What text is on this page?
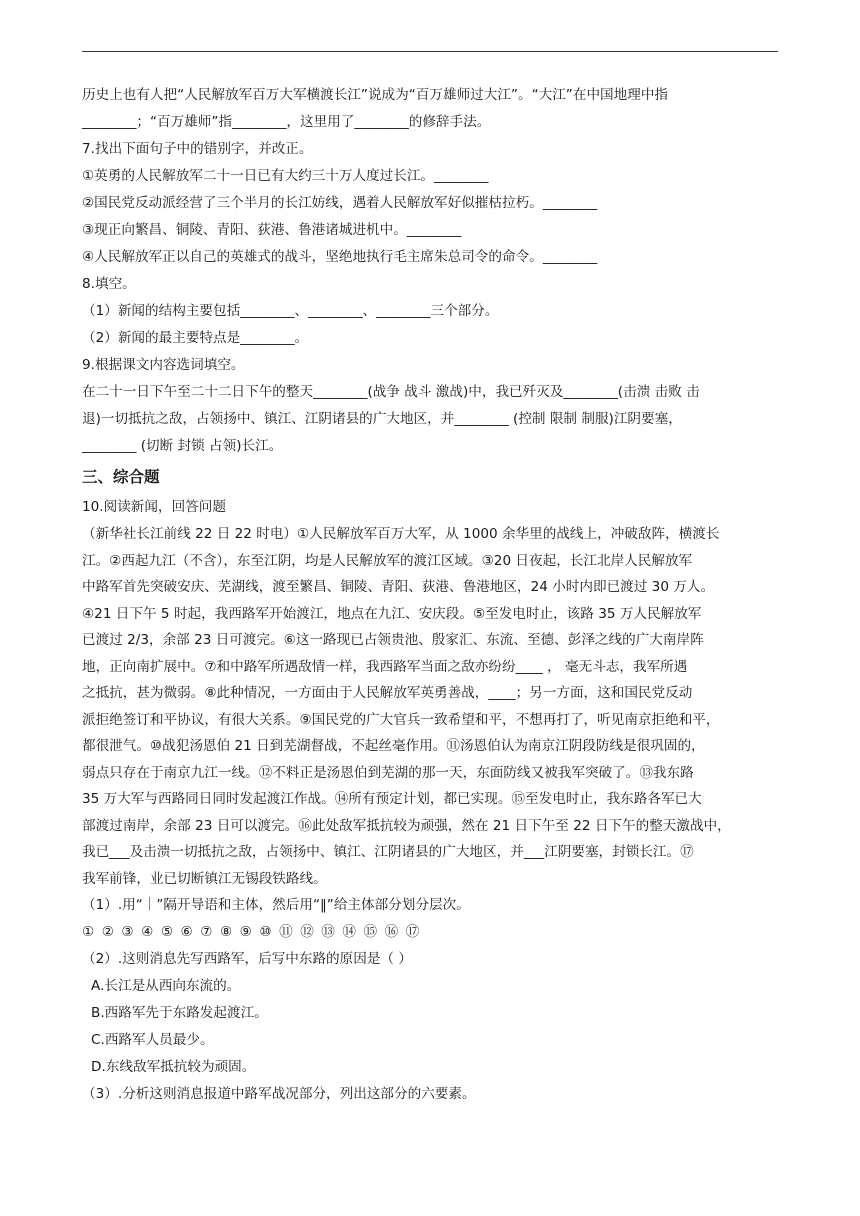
历史上也有人把“人民解放军百万大军横渡长江”说成为“百万雄师过大江”。“大江”在中国地理中指

________；“百万雄师”指________，这里用了________的修辞手法。

7.找出下面句子中的错别字，并改正。

①英勇的人民解放军二十一日已有大约三十万人度过长江。________

②国民党反动派经营了三个半月的长江妨线，遇着人民解放军好似摧枯拉朽。________

③现正向繁昌、铜陵、青阳、荻港、鲁港诸城进机中。________

④人民解放军正以自己的英雄式的战斗，坚绝地执行毛主席朱总司令的命令。________

8.填空。

（1）新闻的结构主要包括________、________、________三个部分。

（2）新闻的最主要特点是________。

9.根据课文内容选词填空。

在二十一日下午至二十二日下午的整天________(战争 战斗 激战)中，我已歼灭及________(击溃 击败 击

退)一切抵抗之敌，占领扬中、镇江、江阴诸县的广大地区，并________ (控制 限制 制服)江阴要塞，

________ (切断 封锁 占领)长江。

三、综合题

10.阅读新闻，回答问题

（新华社长江前线 22 日 22 时电）①人民解放军百万大军，从 1000 余华里的战线上，冲破敌阵，横渡长

江。②西起九江（不含），东至江阴，均是人民解放军的渡江区域。③20 日夜起，长江北岸人民解放军

中路军首先突破安庆、芜湖线，渡至繁昌、铜陵、青阳、荻港、鲁港地区，24 小时内即已渡过 30 万人。

④21 日下午 5 时起，我西路军开始渡江，地点在九江、安庆段。⑤至发电时止，该路 35 万人民解放军

已渡过 2/3，余部 23 日可渡完。⑥这一路现已占领贵池、殷家汇、东流、至德、彭泽之线的广大南岸阵

地，正向南扩展中。⑦和中路军所遇敌情一样，我西路军当面之敌亦纷纷____ ， 毫无斗志，我军所遇

之抵抗，甚为微弱。⑧此种情况，一方面由于人民解放军英勇善战，____；另一方面，这和国民党反动

派拒绝签订和平协议，有很大关系。⑨国民党的广大官兵一致希望和平，不想再打了，听见南京拒绝和平，

都很泄气。⑩战犯汤恩伯 21 日到芜湖督战，不起丝毫作用。⑪汤恩伯认为南京江阴段防线是很巩固的，

弱点只存在于南京九江一线。⑫不料正是汤恩伯到芜湖的那一天，东面防线又被我军突破了。⑬我东路

35 万大军与西路同日同时发起渡江作战。⑭所有预定计划，都已实现。⑮至发电时止，我东路各军已大

部渡过南岸，余部 23 日可以渡完。⑯此处敌军抵抗较为顽强，然在 21 日下午至 22 日下午的整天激战中，

我已___及击溃一切抵抗之敌，占领扬中、镇江、江阴诸县的广大地区，并___江阴要塞，封锁长江。⑰

我军前锋，业已切断镇江无锡段铁路线。

（1）.用“｜”隔开导语和主体，然后用“‖”给主体部分划分层次。

① ② ③ ④ ⑤ ⑥ ⑦ ⑧ ⑨ ⑩ ⑪ ⑫ ⑬ ⑭ ⑮ ⑯ ⑰

（2）.这则消息先写西路军，后写中东路的原因是（ ）

A.长江是从西向东流的。

B.西路军先于东路发起渡江。

C.西路军人员最少。

D.东线敌军抵抗较为顽固。

（3）.分析这则消息报道中路军战况部分，列出这部分的六要素。
